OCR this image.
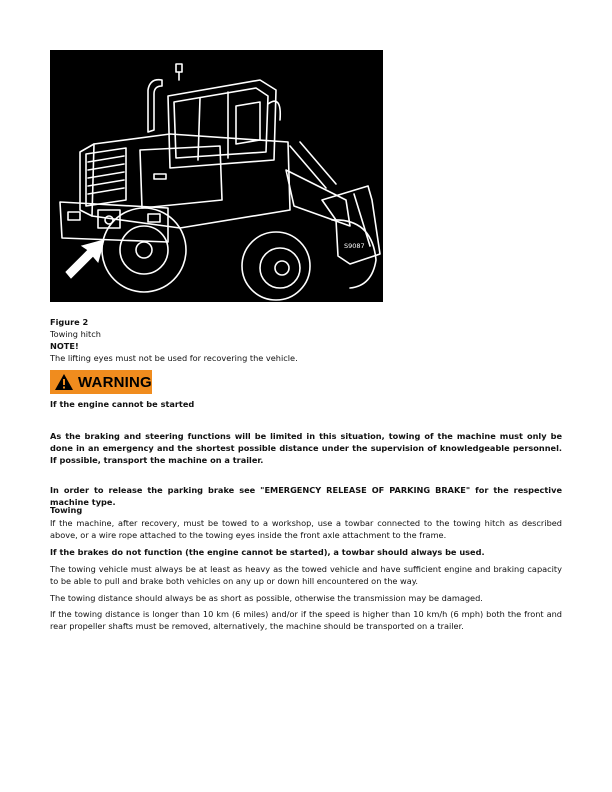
S9087
Figure 2
Towing hitch
NOTE!
The lifting eyes must not be used for recovering the vehicle.
WARNING
If the engine cannot be started
As the braking and steering functions will be limited in this situation, towing of the machine must only be done in an emergency and the shortest possible distance under the supervision of knowledgeable personnel. If possible, transport the machine on a trailer.
In order to release the parking brake see "EMERGENCY RELEASE OF PARKING BRAKE" for the respective machine type.
Towing
If the machine, after recovery, must be towed to a workshop, use a towbar connected to the towing hitch as described above, or a wire rope attached to the towing eyes inside the front axle attachment to the frame.
If the brakes do not function (the engine cannot be started), a towbar should always be used.
The towing vehicle must always be at least as heavy as the towed vehicle and have sufficient engine and braking capacity to be able to pull and brake both vehicles on any up or down hill encountered on the way.
The towing distance should always be as short as possible, otherwise the transmission may be damaged.
If the towing distance is longer than 10 km (6 miles) and/or if the speed is higher than 10 km/h (6 mph) both the front and rear propeller shafts must be removed, alternatively, the machine should be transported on a trailer.
